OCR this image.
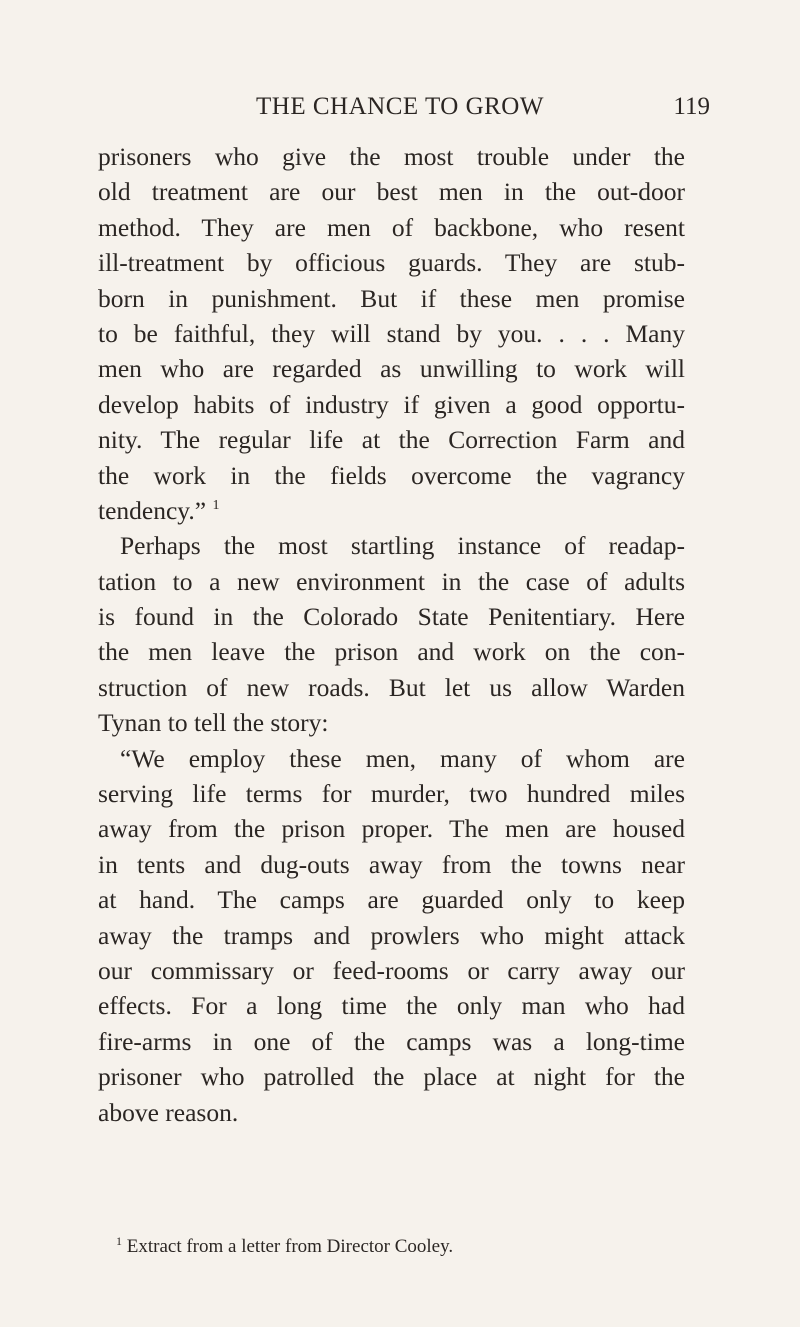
THE CHANCE TO GROW	119
prisoners who give the most trouble under the
old treatment are our best men in the out-door
method. They are men of backbone, who resent
ill-treatment by officious guards. They are stub-
born in punishment. But if these men promise
to be faithful, they will stand by you. . . . Many
men who are regarded as unwilling to work will
develop habits of industry if given a good opportu-
nity. The regular life at the Correction Farm and
the work in the fields overcome the vagrancy
tendency.” $^1$
Perhaps the most startling instance of readap-
tation to a new environment in the case of adults
is found in the Colorado State Penitentiary. Here
the men leave the prison and work on the con-
struction of new roads. But let us allow Warden
Tynan to tell the story:
“We employ these men, many of whom are
serving life terms for murder, two hundred miles
away from the prison proper. The men are housed
in tents and dug-outs away from the towns near
at hand. The camps are guarded only to keep
away the tramps and prowlers who might attack
our commissary or feed-rooms or carry away our
effects. For a long time the only man who had
fire-arms in one of the camps was a long-time
prisoner who patrolled the place at night for the
above reason.
$^1$ Extract from a letter from Director Cooley.
